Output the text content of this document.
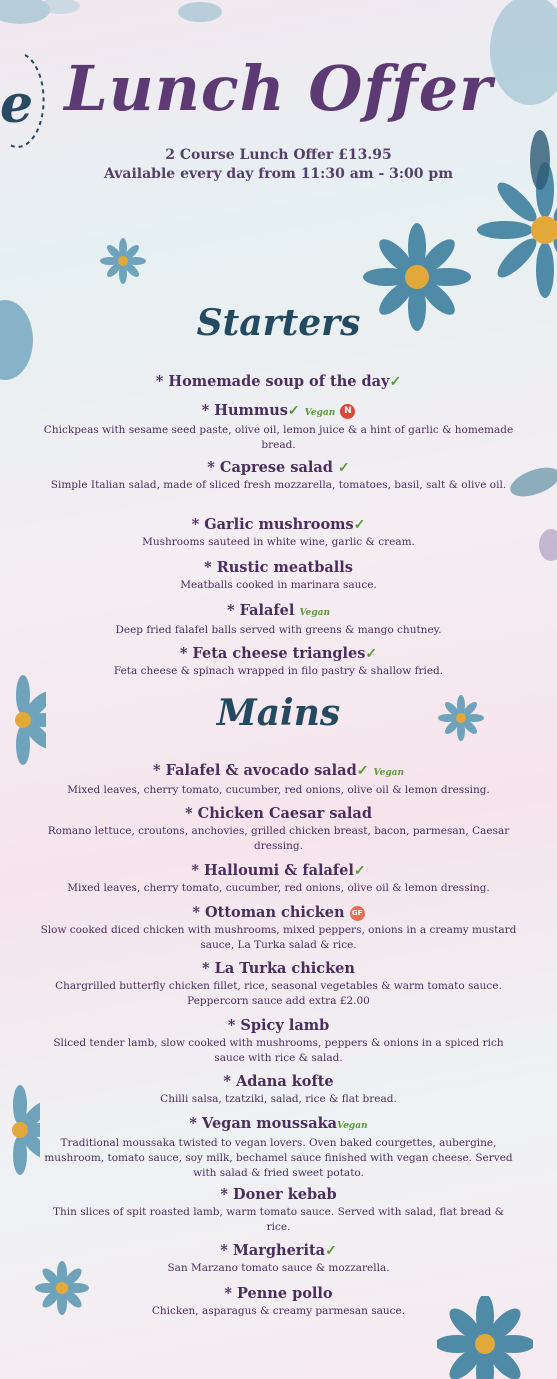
e Lunch Offer
2 Course Lunch Offer £13.95
Available every day from 11:30 am - 3:00 pm
Starters
* Homemade soup of the day✓
* Hummus✓ Vegan N
Chickpeas with sesame seed paste, olive oil, lemon juice & a hint of garlic & homemade bread.
* Caprese salad ✓
Simple Italian salad, made of sliced fresh mozzarella, tomatoes, basil, salt & olive oil.
* Garlic mushrooms✓
Mushrooms sauteed in white wine, garlic & cream.
* Rustic meatballs
Meatballs cooked in marinara sauce.
* Falafel Vegan
Deep fried falafel balls served with greens & mango chutney.
* Feta cheese triangles✓
Feta cheese & spinach wrapped in filo pastry & shallow fried.
Mains
* Falafel & avocado salad✓ Vegan
Mixed leaves, cherry tomato, cucumber, red onions, olive oil & lemon dressing.
* Chicken Caesar salad
Romano lettuce, croutons, anchovies, grilled chicken breast, bacon, parmesan, Caesar dressing.
* Halloumi & falafel✓
Mixed leaves, cherry tomato, cucumber, red onions, olive oil & lemon dressing.
* Ottoman chicken GF
Slow cooked diced chicken with mushrooms, mixed peppers, onions in a creamy mustard sauce, La Turka salad & rice.
* La Turka chicken
Chargrilled butterfly chicken fillet, rice, seasonal vegetables & warm tomato sauce. Peppercorn sauce add extra £2.00
* Spicy lamb
Sliced tender lamb, slow cooked with mushrooms, peppers & onions in a spiced rich sauce with rice & salad.
* Adana kofte
Chilli salsa, tzatziki, salad, rice & flat bread.
* Vegan moussakaVegan
Traditional moussaka twisted to vegan lovers. Oven baked courgettes, aubergine, mushroom, tomato sauce, soy milk, bechamel sauce finished with vegan cheese. Served with salad & fried sweet potato.
* Doner kebab
Thin slices of spit roasted lamb, warm tomato sauce. Served with salad, flat bread & rice.
* Margherita✓
San Marzano tomato sauce & mozzarella.
* Penne pollo
Chicken, asparagus & creamy parmesan sauce.
